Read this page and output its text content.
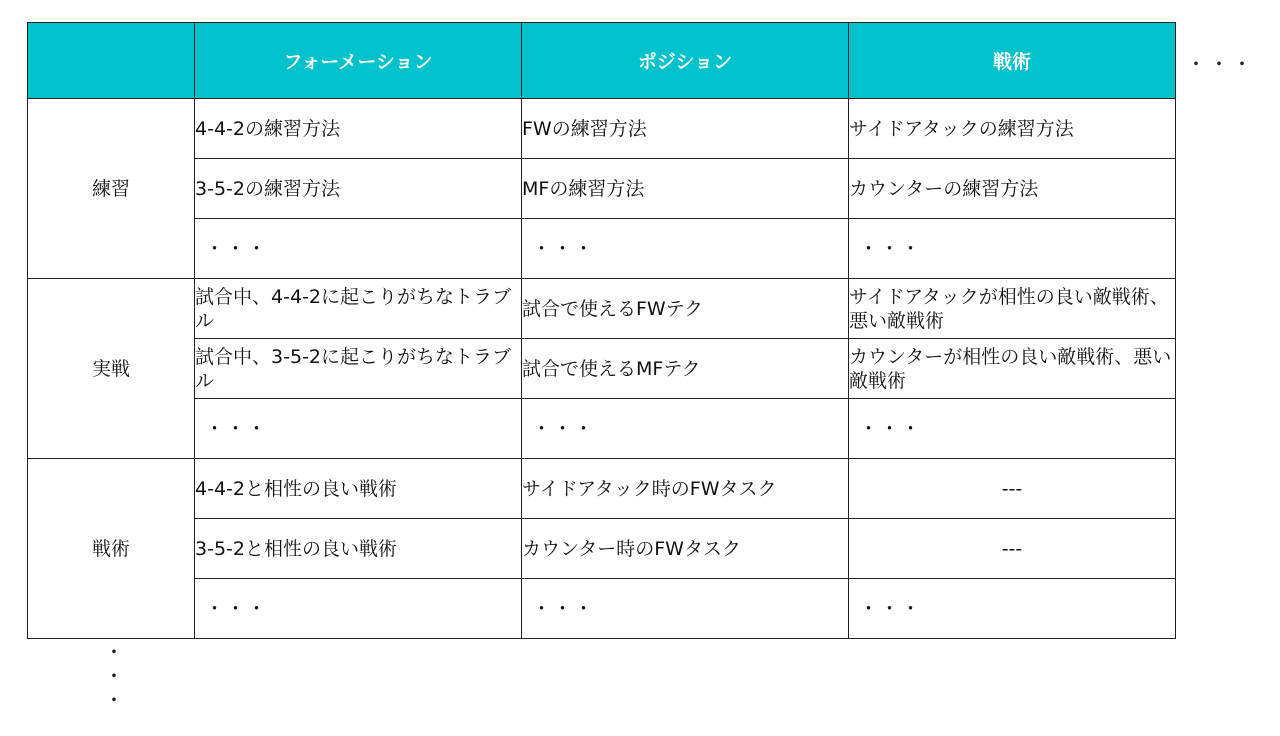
	フォーメーション	ポジション	戦術
練習	4-4-2の練習方法	FWの練習方法	サイドアタックの練習方法
	3-5-2の練習方法	MFの練習方法	カウンターの練習方法
	・・・	・・・	・・・
実戦	試合中、4-4-2に起こりがちなトラブル	試合で使えるFWテク	サイドアタックが相性の良い敵戦術、悪い敵戦術
	試合中、3-5-2に起こりがちなトラブル	試合で使えるMFテク	カウンターが相性の良い敵戦術、悪い敵戦術
	・・・	・・・	・・・
戦術	4-4-2と相性の良い戦術	サイドアタック時のFWタスク	---
	3-5-2と相性の良い戦術	カウンター時のFWタスク	---
	・・・	・・・	・・・
・・・
・
・
・
